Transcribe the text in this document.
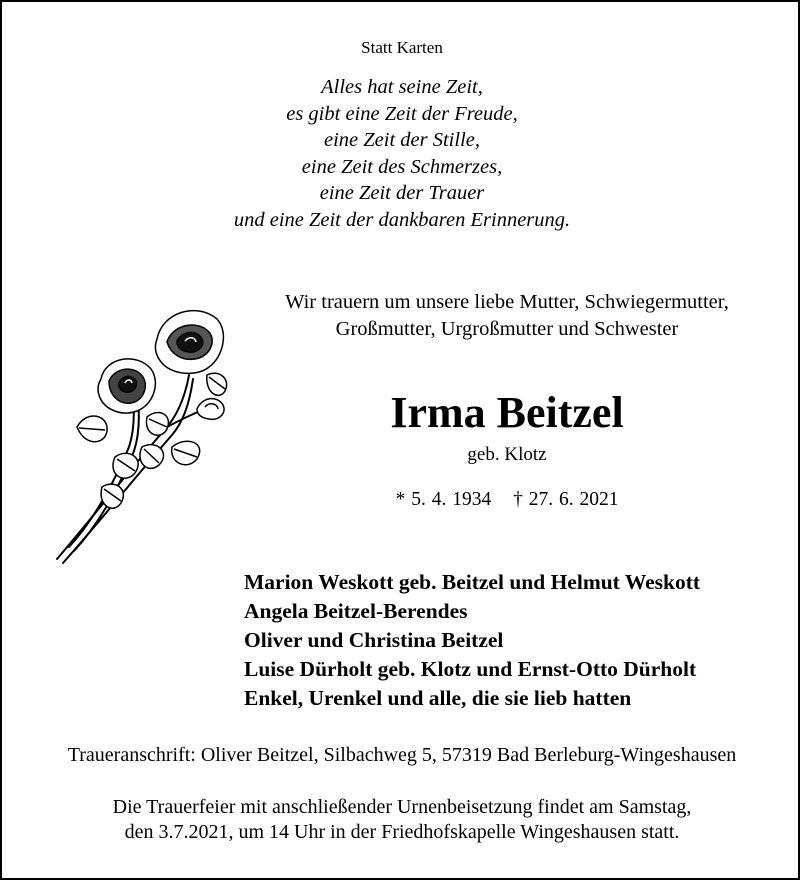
Statt Karten
Alles hat seine Zeit,
es gibt eine Zeit der Freude,
eine Zeit der Stille,
eine Zeit des Schmerzes,
eine Zeit der Trauer
und eine Zeit der dankbaren Erinnerung.
Wir trauern um unsere liebe Mutter, Schwiegermutter,
Großmutter, Urgroßmutter und Schwester
Irma Beitzel
geb. Klotz
* 5. 4. 1934 † 27. 6. 2021
Marion Weskott geb. Beitzel und Helmut Weskott
Angela Beitzel-Berendes
Oliver und Christina Beitzel
Luise Dürholt geb. Klotz und Ernst-Otto Dürholt
Enkel, Urenkel und alle, die sie lieb hatten
Traueranschrift: Oliver Beitzel, Silbachweg 5, 57319 Bad Berleburg-Wingeshausen
Die Trauerfeier mit anschließender Urnenbeisetzung findet am Samstag,
den 3.7.2021, um 14 Uhr in der Friedhofskapelle Wingeshausen statt.
